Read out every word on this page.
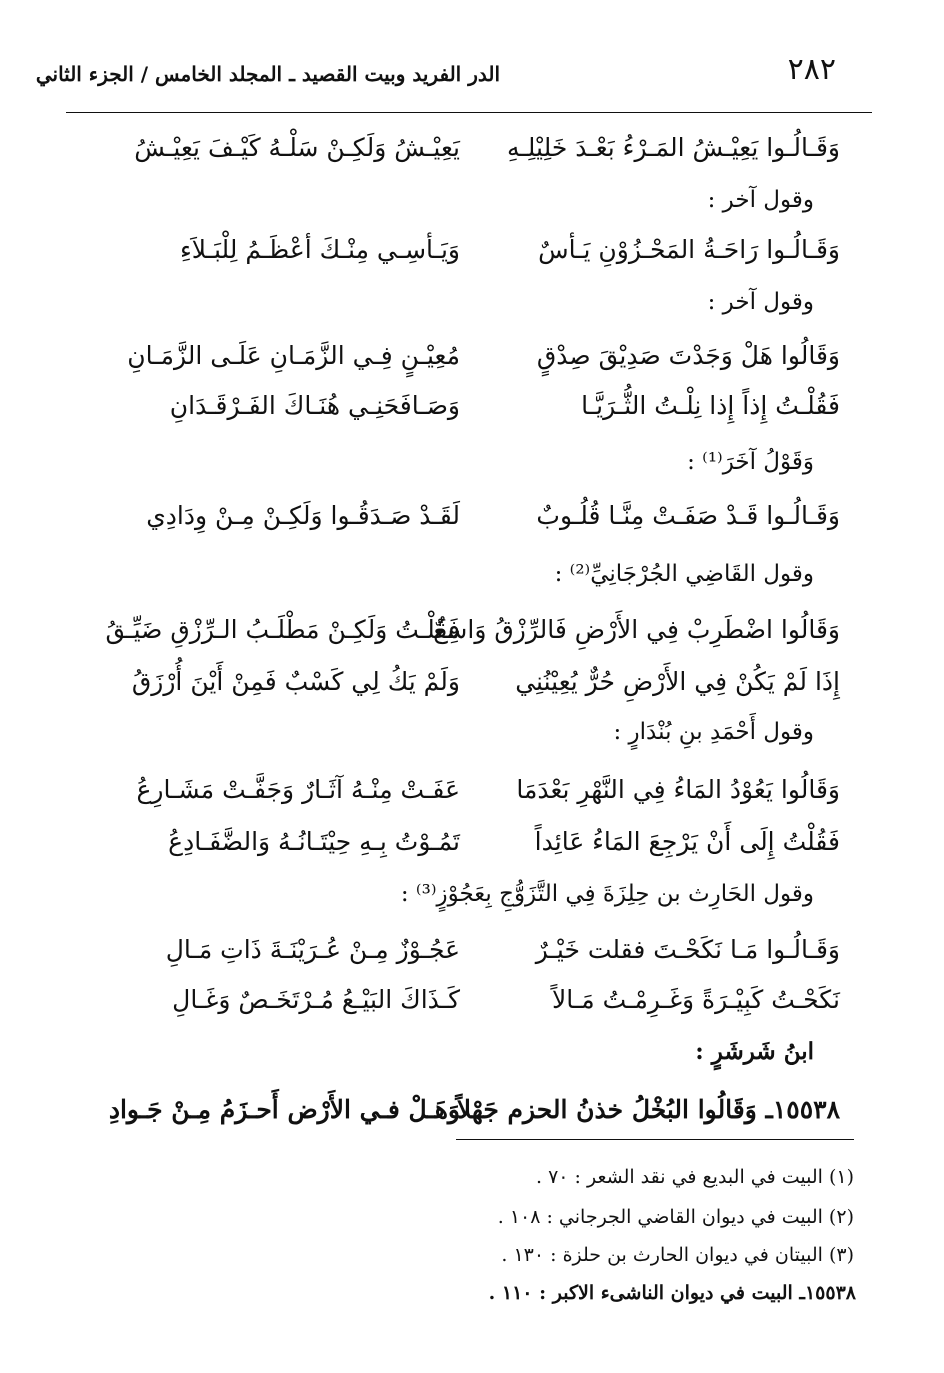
٢٨٢
الدر الفريد وبيت القصيد ـ المجلد الخامس / الجزء الثاني
وَقَـالُـوا يَعِيْـشُ المَـرْءُ بَعْـدَ خَلِيْلِـهِ
يَعِيْـشُ وَلَكِـنْ سَلْـهُ كَيْـفَ يَعِيْـشُ
وقول آخر :
وَقَـالُـوا رَاحَـةُ المَحْـزُوْنِ يَـأسٌ
وَيَـأسِـي مِنْـكَ أعْظَـمُ لِلْبَـلاَءِ
وقول آخر :
وَقَالُوا هَلْ وَجَدْتَ صَدِيْقَ صِدْقٍ
مُعِيْـنٍ فِـي الزَّمَـانِ عَلَـى الزَّمَـانِ
فَقُلْـتُ إِذاً إِذا نِلْـتُ الثُّـرَيَّـا
وَصَـافَحَنِـي هُنَـاكَ الفَـرْقَـدَانِ
وَقَوْلُ آخَرَ⁽¹⁾ :
وَقَـالُـوا قَـدْ صَفَـتْ مِنَّـا قُلُـوبٌ
لَقَـدْ صَـدَقُـوا وَلَكِـنْ مِـنْ وِدَادِي
وقول القَاضِي الجُرْجَانِيِّ⁽²⁾ :
وَقَالُوا اضْطَرِبْ فِي الأَرْضِ فَالرِّزْقُ وَاسِعٌ
فَقُلْـتُ وَلَكِـنْ مَطْلَـبُ الـرِّزْقِ ضَيِّـقُ
إِذَا لَمْ يَكُنْ فِي الأَرْضِ حُرٌّ يُعِيْنُنِي
وَلَمْ يَكُ لِي كَسْبٌ فَمِنْ أَيْنَ أُرْزَقُ
وقول أَحْمَدِ بنِ بُنْدَارٍ :
وَقَالُوا يَعُوْدُ المَاءُ فِي النَّهْرِ بَعْدَمَا
عَفَـتْ مِنْـهُ آثَـارٌ وَجَفَّـتْ مَشَـارِعُ
فَقُلْتُ إِلَى أَنْ يَرْجِعَ المَاءُ عَائِداً
تَمُـوْتُ بِـهِ حِيْتَـانُـهُ وَالضَّفَـادِعُ
وقول الحَارِث بن حِلِزَةَ فِي التَّزَوُّجِ بِعَجُوْزٍ⁽³⁾ :
وَقَـالُـوا مَـا نَكَحْـتَ فقلت خَيْـرٌ
عَجُـوْزٌ مِـنْ عُـرَيْنَـةَ ذَاتِ مَـالِ
نَكَحْـتُ كَبِيْـرَةً وَغَـرِمْـتُ مَـالاً
كَـذَاكَ البَيْـعُ مُـرْتَخَـصٌ وَغَـالِ
ابنُ شَرشَرٍ :
١٥٥٣٨ـ وَقَالُوا البُخْلُ خذنُ الحزم جَهْلاً
وَهَـلْ فـي الأَرْض أَحـزَمُ مِـنْ جَـوادِ
(١) البيت في البديع في نقد الشعر : ٧٠ .
(٢) البيت في ديوان القاضي الجرجاني : ١٠٨ .
(٣) البيتان في ديوان الحارث بن حلزة : ١٣٠ .
١٥٥٣٨ـ البيت في ديوان الناشىء الاكبر : ١١٠ .
